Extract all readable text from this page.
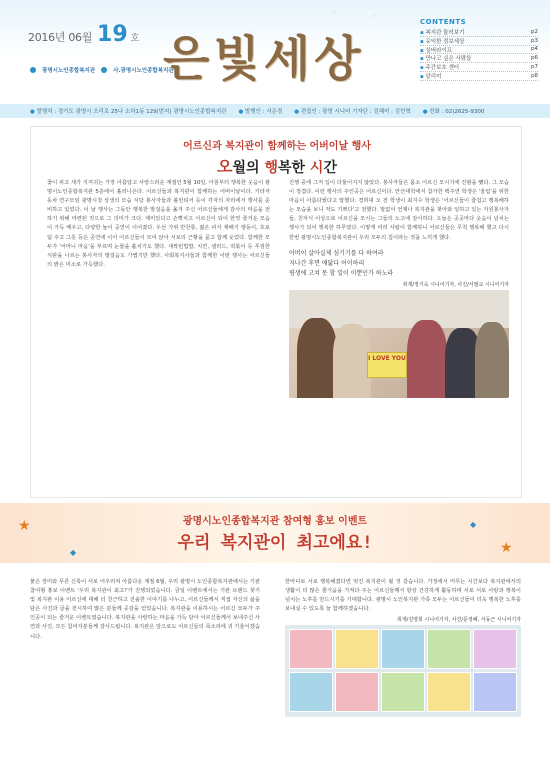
⌄	⌄
2016년 06월 19 호
광명시노인종합복지관	사.광명시노인종합복지관
은빛세상
CONTENTS
▪ 복지관 둘러보기	p2
▪ 유익한 정보세상	p3
▪ 실버라이프	p4
▪ 만나고 싶은 사람들	p6
▪ 주간보호 센터	p7
▪ 알리미	p8
● 발행처 : 경기도 광명시 오리로 25나 소하1동 129(번지) 광명시노인종합복지관	● 발행인 : 서은경	● 편집인 : 광명 시니어 기자단 : 김혜미 : 김민혁	● 전화 : 02)2625-9300
어르신과 복지관이 함께하는 어버이날 행사
오월의 행복한 시간

꽃이 피고 새가 지저귀는 가장 아름답고 사랑스러운 계절인 5월 10일, 아침부터 행복한 웃음이 광명시노인종합복지관 5층에서 흘러나온다. 어르신들과 복지관이 함께하는 어버이날이다. 기타자동차 연구모임 광명시청 상생의 모습 식당 봉사자들과 볼런티어 등이 각자의 자리에서 행사를 준비하고 있었다. 이 날 행사는 그동안 행복한 발걸음을 옮겨 주신 어르신들에게 감사의 마음을 전하기 위해 마련된 것으로 그 의미가 크다. 재미있다고 손뼉치고 어르신이 되어 한껏 즐거운 모습이 가득 메우고, 다양한 놀이 공연이 이어졌다. 우선 가위 반찬통, 젊은 피자 재배기 행동이, 호로 팀 주고 그릇 등은 공연에 이어 어르신들이 모여 앉아 서로의 근황을 묻고 함께 웃었다. 함께한 모두가 '어머니 마음'을 부르며 눈물을 훔치기도 했다. 새싹빈빕밥, 치킨, 샐러드, 떡볶이 등 푸짐한 식판을 나르는 봉사자의 발걸음도 가볍기만 했다. 사회복지사들과 함께한 이번 행사는 어르신들의 밝은 미소로 가득했다.

진행 중에 그저 입이 다물어지지 않았다. 봉사자들은 몸소 어르신 모시기에 진땀을 뺐다. 그 모습이 정겹다. 이런 행사의 주인공은 어르신이다. 안산대학에서 참가한 백주연 학생은 '울림'을 위한 마음이 아름다웠다고 말했다. 경희대 오 전 학생이 최지수 학생은 '어르신들이 즐겁고 행복해하는 모습을 보니 저도 기쁘다'고 전했다. 말없이 언제나 복지관을 찾아와 일하고 있는 자원봉사자들, 친자식 이상으로 어르신을 모시는 그들의 노고에 감사하다. 오늘은 곳곳마다 웃음이 넘치는 행사가 되어 행복한 하루였다. 이렇게 여러 사람이 함께하니 어르신들은 무척 행복해 했고 다시 한번 광명시노인종합복지관이 우리 모두의 집이라는 것을 느끼게 했다.

어버이 살아실제 섬기기를 다 하여라
지나간 후면 애닯다 어이하리
평생에 고쳐 못 할 일이 이뿐인가 하노라
취재/정기숙 시니어기자, 사진/서필교 시니어기자
I LOVE YOU
★
★
◆
◆
광명시노인종합복지관 참여형 홍보 이벤트
우리 복지관이 최고에요!

붉은 장미와 푸른 신록이 서로 어우러져 아름다운 계절 6월, 우리 광명시 노인종합복지관에서는 기관 참여형 홍보 이벤트 '우리 복지관이 최고!'가 진행되었습니다. 금일 이벤트에서는 기관 브랜드 찾기 및 복지관 이용 어르신에 대해 더 친근하고 진솔한 이야기를 나누고, 어르신들께서 직접 자신의 삶을 담은 사진과 글을 전시하여 많은 분들께 공감을 얻었습니다. 복지관을 이용하시는 어르신 모두가 주인공이 되는 즐거운 이벤트였습니다. 복지관을 사랑하는 마음을 가득 담아 어르신들께서 보내주신 사연과 사진, 모든 참여자분들께 감사드립니다. 복지관은 앞으로도 어르신들의 목소리에 귀 기울이겠습니다.

한마디로 서로 행복해졌다면 멋진 복지관이 될 것 같습니다. 가정에서 머무는 시간보다 복지관에서의 생활이 더 많은 즐거움을 가져다 주는 어르신들께서 항상 건강하게 활동하며 서로 서로 사랑과 행복이 넘치는 노후를 만드시기를 기대합니다. 광명시 노인복지관 가족 모두는 어르신들이 더욱 행복한 노후를 보내실 수 있도록 늘 함께하겠습니다.

취재/김영희 시니어기자, 사진/문정혜, 서동근 시니어기자
